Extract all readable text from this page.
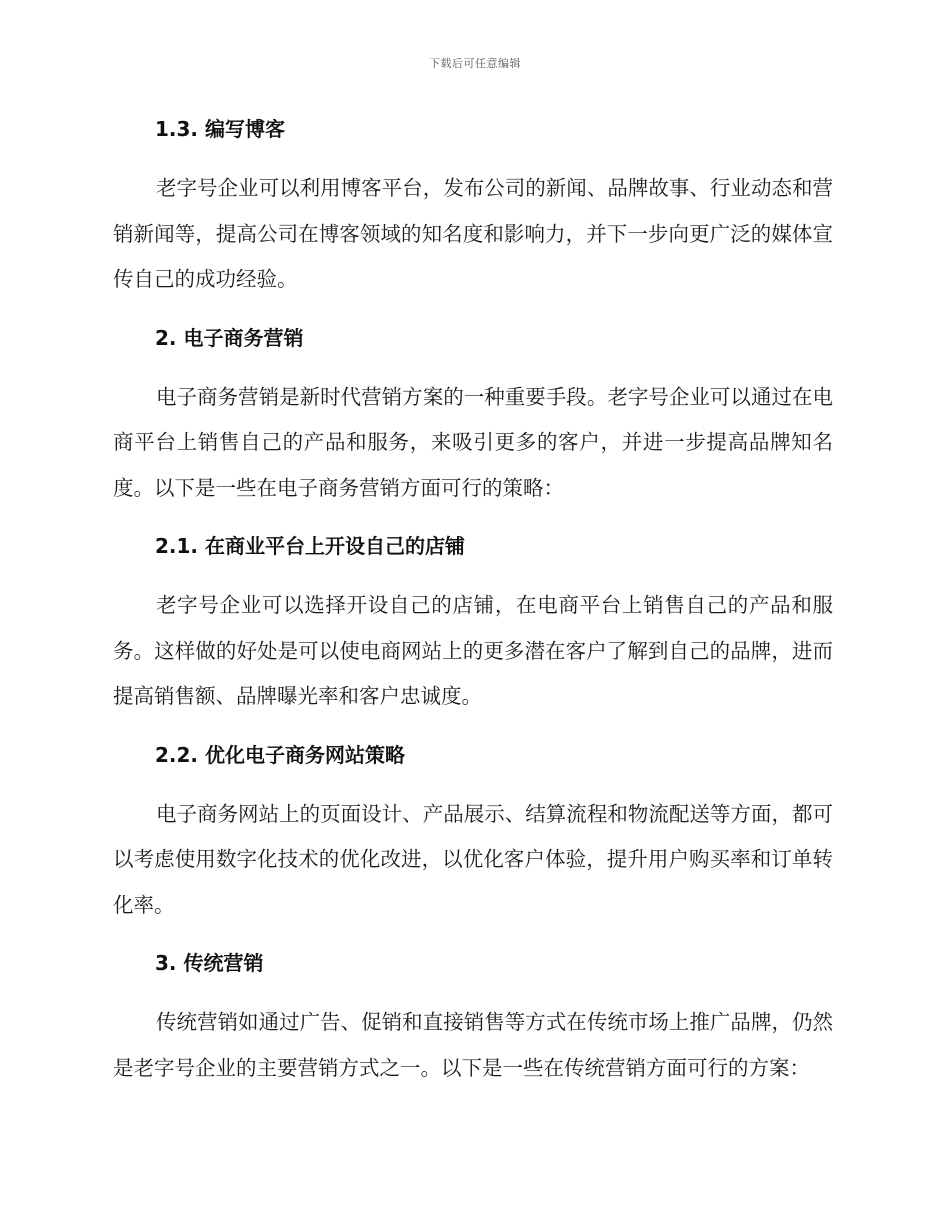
下载后可任意编辑
1.3. 编写博客

老字号企业可以利用博客平台，发布公司的新闻、品牌故事、行业动态和营销新闻等，提高公司在博客领域的知名度和影响力，并下一步向更广泛的媒体宣传自己的成功经验。

2. 电子商务营销

电子商务营销是新时代营销方案的一种重要手段。老字号企业可以通过在电商平台上销售自己的产品和服务，来吸引更多的客户，并进一步提高品牌知名度。以下是一些在电子商务营销方面可行的策略：

2.1. 在商业平台上开设自己的店铺

老字号企业可以选择开设自己的店铺，在电商平台上销售自己的产品和服务。这样做的好处是可以使电商网站上的更多潜在客户了解到自己的品牌，进而提高销售额、品牌曝光率和客户忠诚度。

2.2. 优化电子商务网站策略

电子商务网站上的页面设计、产品展示、结算流程和物流配送等方面，都可以考虑使用数字化技术的优化改进，以优化客户体验，提升用户购买率和订单转化率。

3. 传统营销

传统营销如通过广告、促销和直接销售等方式在传统市场上推广品牌，仍然是老字号企业的主要营销方式之一。以下是一些在传统营销方面可行的方案：
